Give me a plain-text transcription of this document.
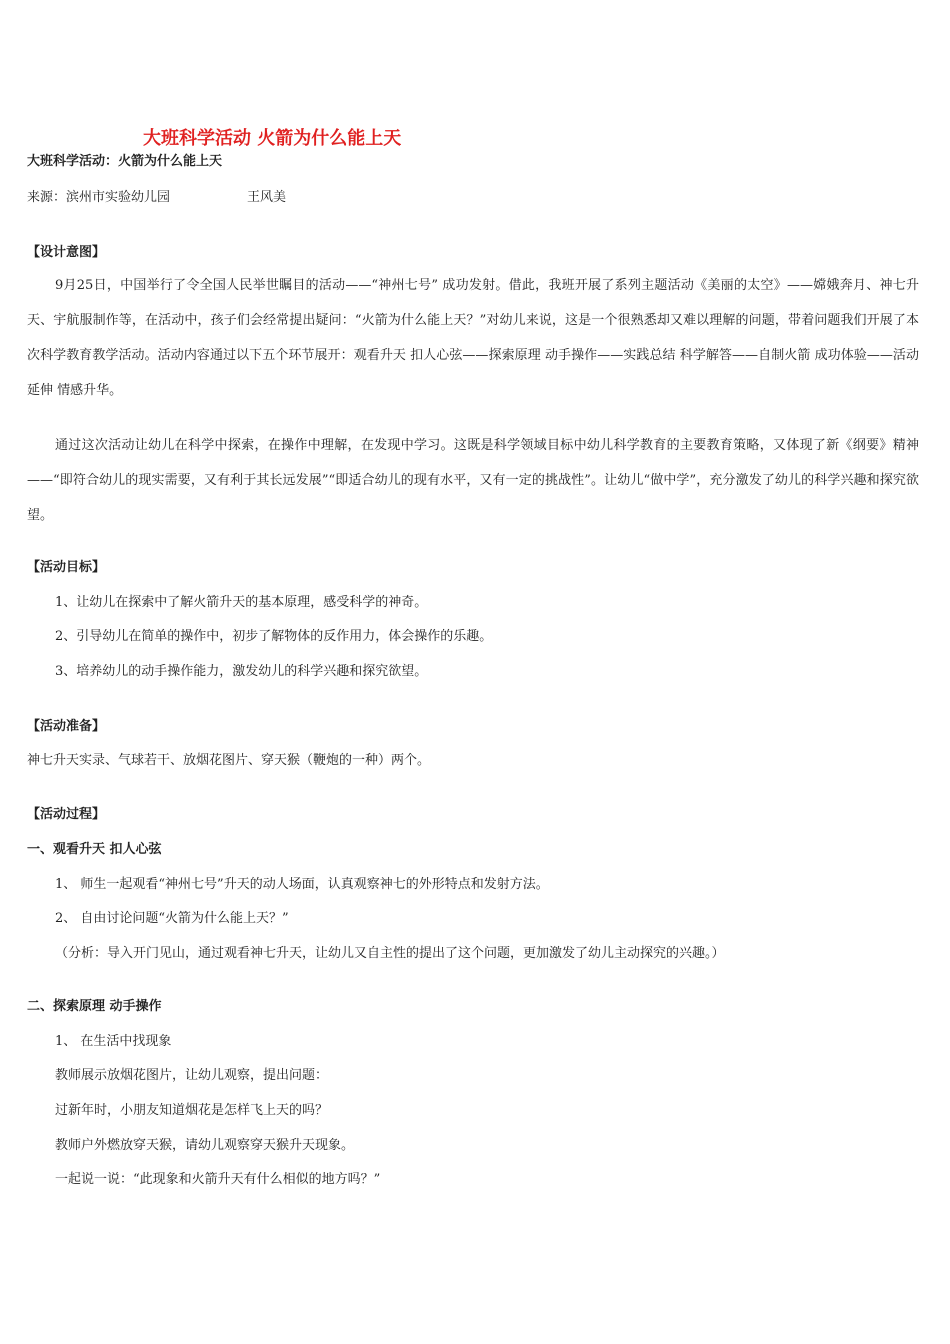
大班科学活动 火箭为什么能上天
大班科学活动：火箭为什么能上天
来源：滨州市实验幼儿园	王风美
【设计意图】

9月25日，中国举行了令全国人民举世瞩目的活动——“神州七号” 成功发射。借此，我班开展了系列主题活动《美丽的太空》——嫦娥奔月、神七升天、宇航服制作等，在活动中，孩子们会经常提出疑问：“火箭为什么能上天？”对幼儿来说，这是一个很熟悉却又难以理解的问题，带着问题我们开展了本次科学教育教学活动。活动内容通过以下五个环节展开：观看升天 扣人心弦——探索原理 动手操作——实践总结 科学解答——自制火箭 成功体验——活动延伸 情感升华。

通过这次活动让幼儿在科学中探索，在操作中理解，在发现中学习。这既是科学领域目标中幼儿科学教育的主要教育策略，又体现了新《纲要》精神——“即符合幼儿的现实需要，又有利于其长远发展”“即适合幼儿的现有水平，又有一定的挑战性”。让幼儿“做中学”，充分激发了幼儿的科学兴趣和探究欲望。

【活动目标】
1、让幼儿在探索中了解火箭升天的基本原理，感受科学的神奇。
2、引导幼儿在简单的操作中，初步了解物体的反作用力，体会操作的乐趣。
3、培养幼儿的动手操作能力，激发幼儿的科学兴趣和探究欲望。
【活动准备】
神七升天实录、气球若干、放烟花图片、穿天猴（鞭炮的一种）两个。
【活动过程】
一、观看升天 扣人心弦
1、 师生一起观看“神州七号”升天的动人场面，认真观察神七的外形特点和发射方法。
2、 自由讨论问题“火箭为什么能上天？”
（分析：导入开门见山，通过观看神七升天，让幼儿又自主性的提出了这个问题，更加激发了幼儿主动探究的兴趣。）
二、探索原理 动手操作
1、 在生活中找现象
教师展示放烟花图片，让幼儿观察，提出问题：
过新年时，小朋友知道烟花是怎样飞上天的吗？
教师户外燃放穿天猴，请幼儿观察穿天猴升天现象。
一起说一说：“此现象和火箭升天有什么相似的地方吗？”
